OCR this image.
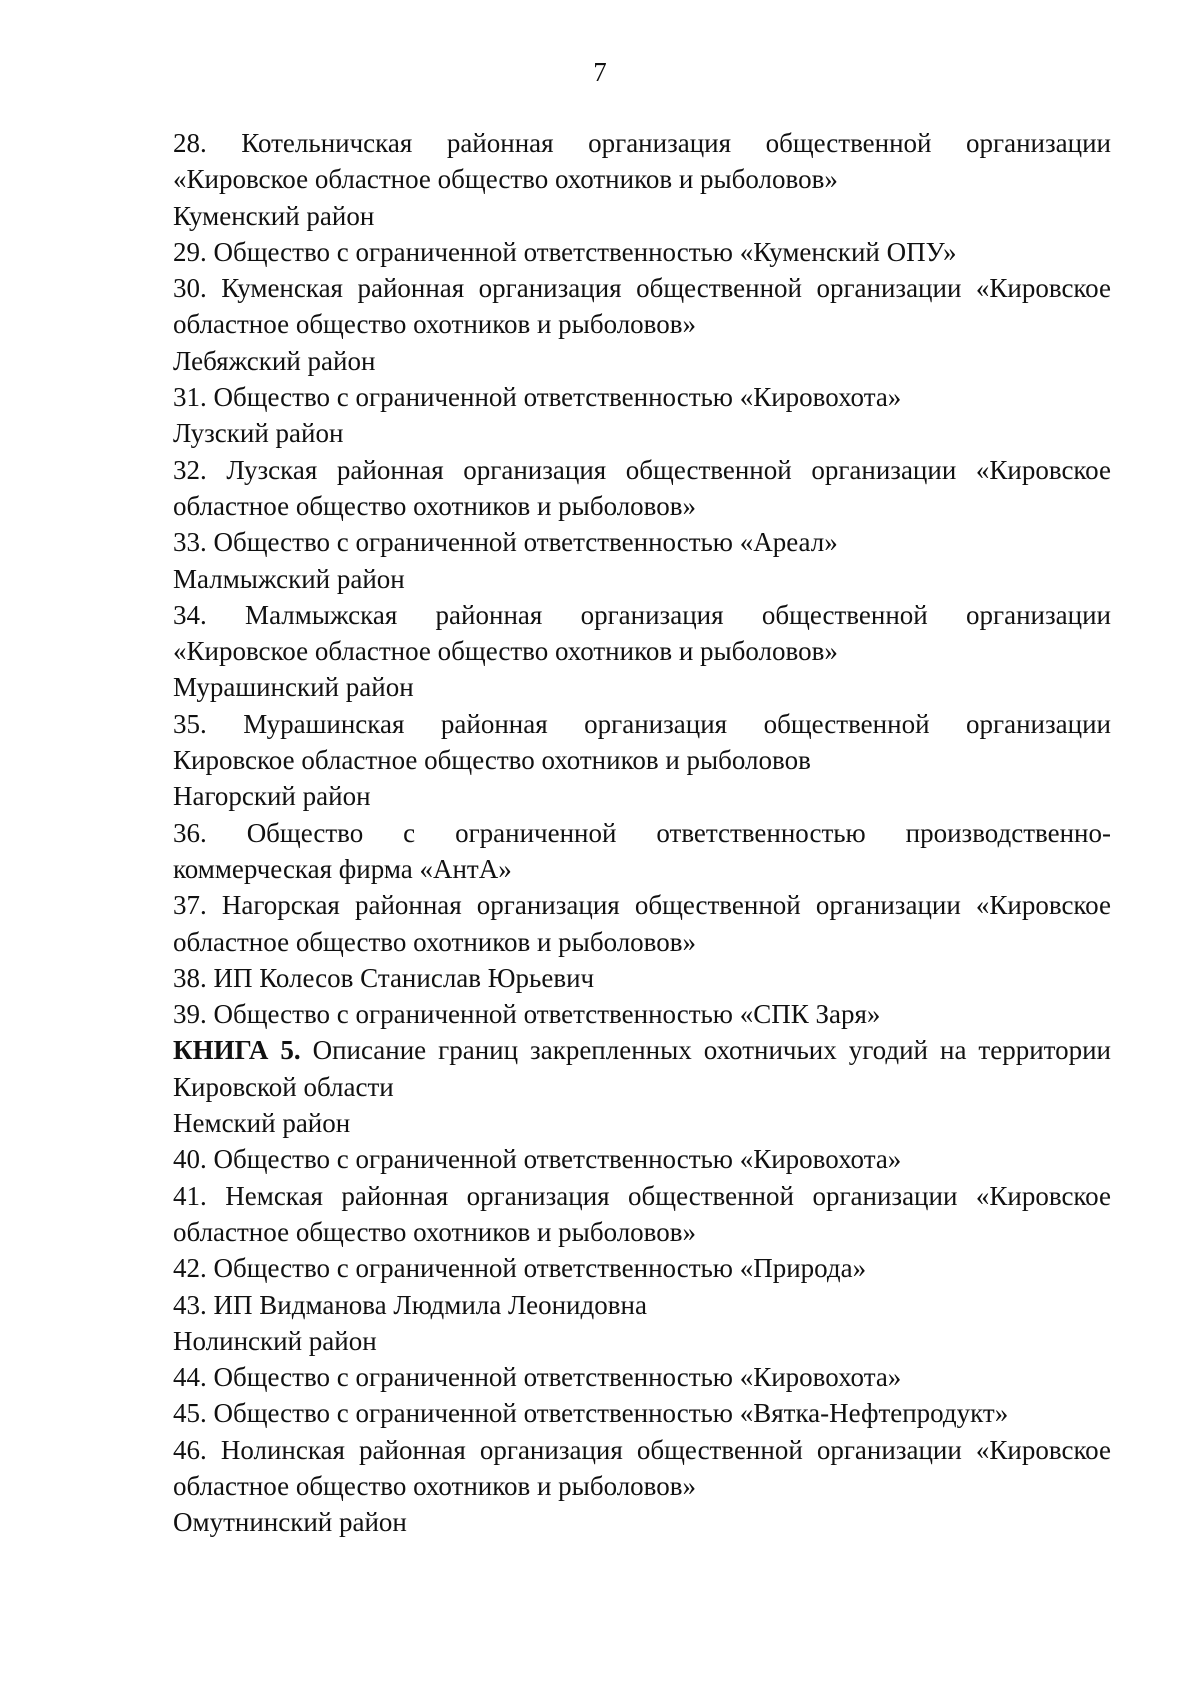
7
28. Котельничская районная организация общественной организации
«Кировское областное общество охотников и рыболовов»
Куменский район
29. Общество с ограниченной ответственностью «Куменский ОПУ»
30. Куменская районная организация общественной организации «Кировское
областное общество охотников и рыболовов»
Лебяжский район
31. Общество с ограниченной ответственностью «Кировохота»
Лузский район
32. Лузская районная организация общественной организации «Кировское
областное общество охотников и рыболовов»
33. Общество с ограниченной ответственностью «Ареал»
Малмыжский район
34. Малмыжская районная организация общественной организации
«Кировское областное общество охотников и рыболовов»
Мурашинский район
35. Мурашинская районная организация общественной организации
Кировское областное общество охотников и рыболовов
Нагорский район
36. Общество с ограниченной ответственностью производственно-
коммерческая фирма «АнтА»
37. Нагорская районная организация общественной организации «Кировское
областное общество охотников и рыболовов»
38. ИП Колесов Станислав Юрьевич
39. Общество с ограниченной ответственностью «СПК Заря»
КНИГА 5. Описание границ закрепленных охотничьих угодий на территории
Кировской области
Немский район
40. Общество с ограниченной ответственностью «Кировохота»
41. Немская районная организация общественной организации «Кировское
областное общество охотников и рыболовов»
42. Общество с ограниченной ответственностью «Природа»
43. ИП Видманова Людмила Леонидовна
Нолинский район
44. Общество с ограниченной ответственностью «Кировохота»
45. Общество с ограниченной ответственностью «Вятка-Нефтепродукт»
46. Нолинская районная организация общественной организации «Кировское
областное общество охотников и рыболовов»
Омутнинский район
